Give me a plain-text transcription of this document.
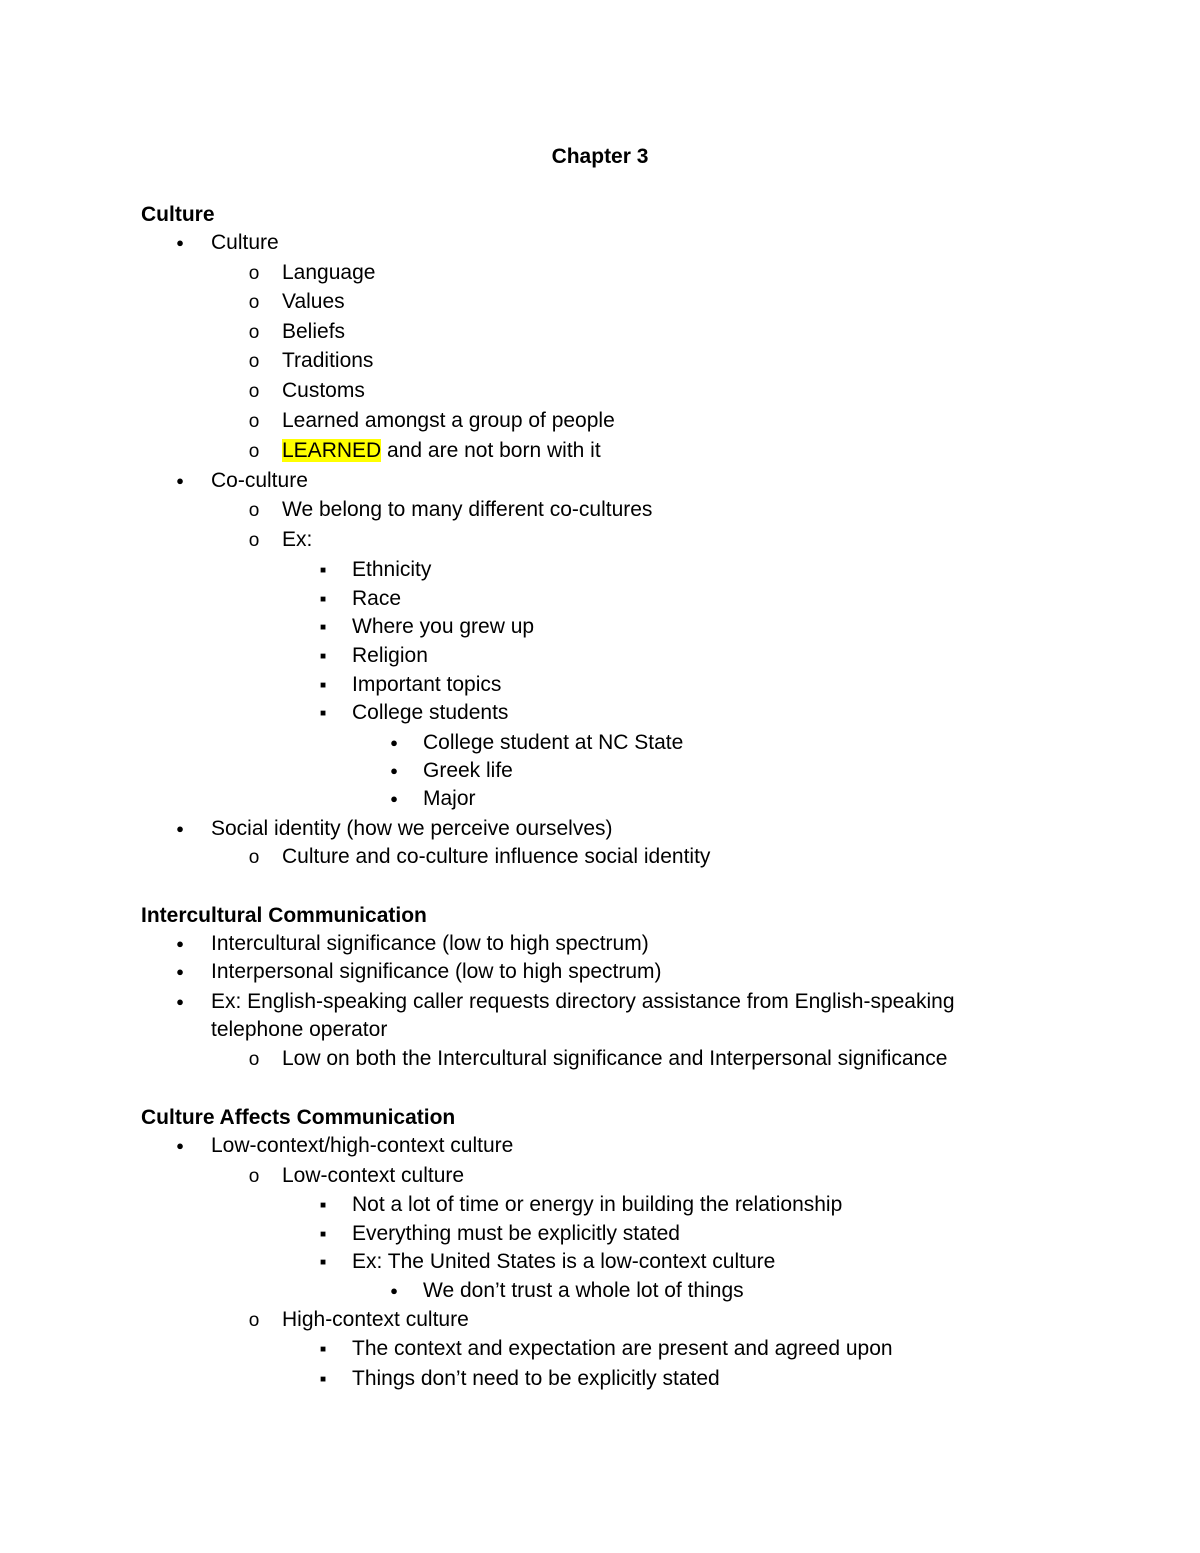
Chapter 3
Culture
●
Culture
o
Language
o
Values
o
Beliefs
o
Traditions
o
Customs
o
Learned amongst a group of people
o
LEARNED and are not born with it
●
Co-culture
o
We belong to many different co-cultures
o
Ex:
■
Ethnicity
■
Race
■
Where you grew up
■
Religion
■
Important topics
■
College students
●
College student at NC State
●
Greek life
●
Major
●
Social identity (how we perceive ourselves)
o
Culture and co-culture influence social identity
Intercultural Communication
●
Intercultural significance (low to high spectrum)
●
Interpersonal significance (low to high spectrum)
●
Ex: English-speaking caller requests directory assistance from English-speaking
telephone operator
o
Low on both the Intercultural significance and Interpersonal significance
Culture Affects Communication
●
Low-context/high-context culture
o
Low-context culture
■
Not a lot of time or energy in building the relationship
■
Everything must be explicitly stated
■
Ex: The United States is a low-context culture
●
We don’t trust a whole lot of things
o
High-context culture
■
The context and expectation are present and agreed upon
■
Things don’t need to be explicitly stated
